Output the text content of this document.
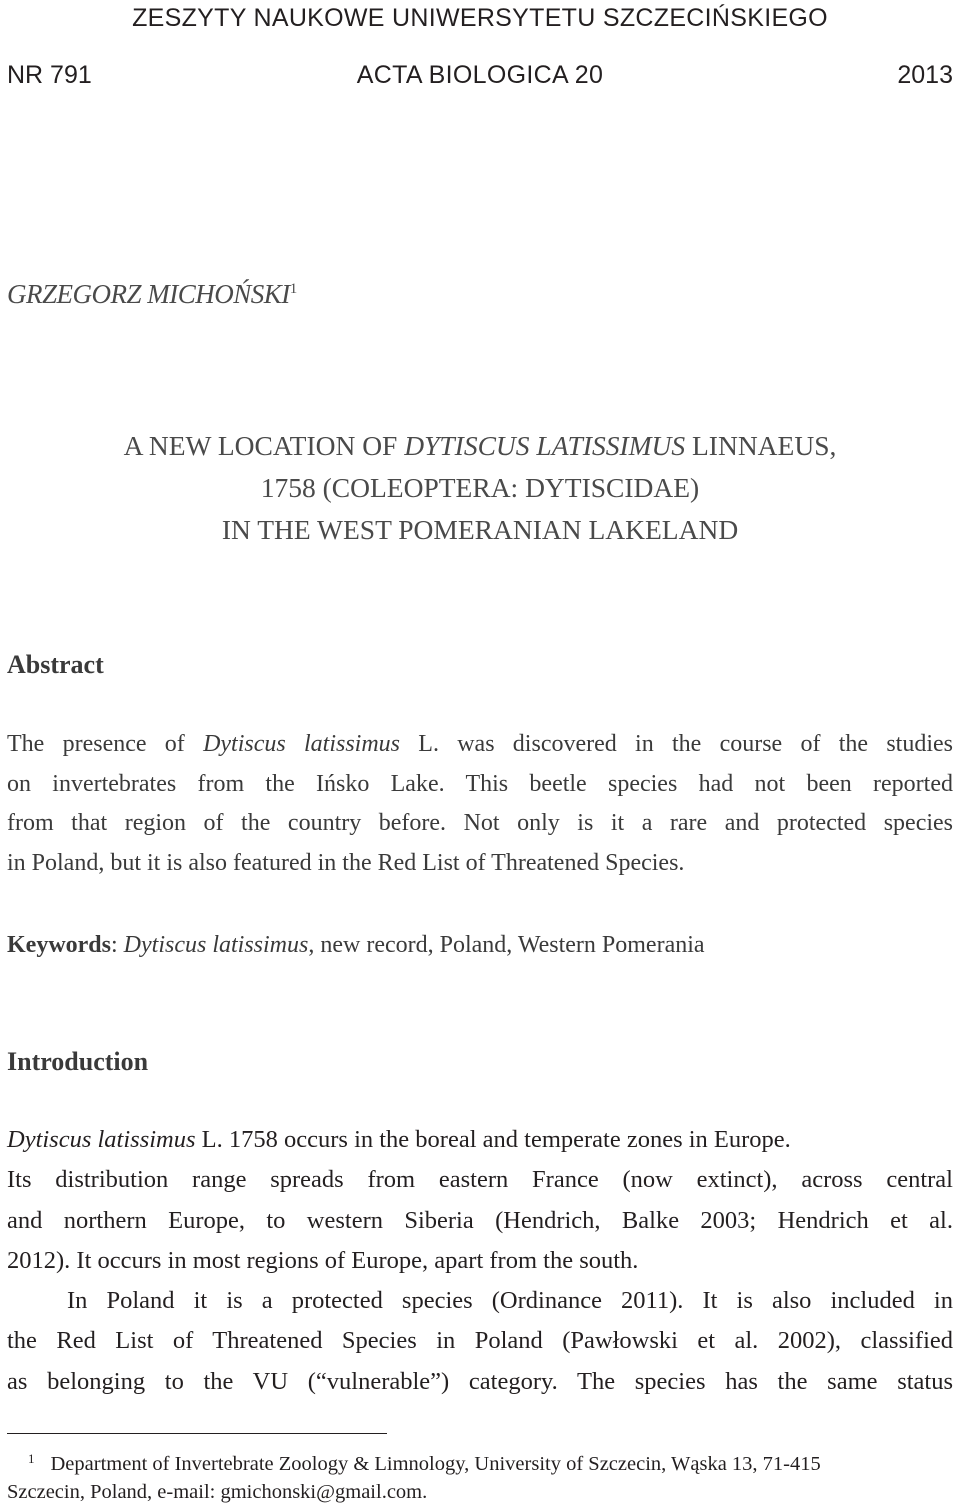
ZESZYTY NAUKOWE UNIWERSYTETU SZCZECIŃSKIEGO
NR 791	ACTA BIOLOGICA 20	2013
GRZEGORZ MICHOŃSKI$^1$
A NEW LOCATION OF DYTISCUS LATISSIMUS LINNAEUS,
1758 (COLEOPTERA: DYTISCIDAE)
IN THE WEST POMERANIAN LAKELAND
Abstract
The presence of Dytiscus latissimus L. was discovered in the course of the studies
on invertebrates from the Ińsko Lake. This beetle species had not been reported
from that region of the country before. Not only is it a rare and protected species
in Poland, but it is also featured in the Red List of Threatened Species.
Keywords: Dytiscus latissimus, new record, Poland, Western Pomerania
Introduction
Dytiscus latissimus L. 1758 occurs in the boreal and temperate zones in Europe.
Its distribution range spreads from eastern France (now extinct), across central
and northern Europe, to western Siberia (Hendrich, Balke 2003; Hendrich et al.
2012). It occurs in most regions of Europe, apart from the south.
In Poland it is a protected species (Ordinance 2011). It is also included in
the Red List of Threatened Species in Poland (Pawłowski et al. 2002), classified
as belonging to the VU (“vulnerable”) category. The species has the same status
$^1$ Department of Invertebrate Zoology & Limnology, University of Szczecin, Wąska 13, 71-415
Szczecin, Poland, e-mail: gmichonski@gmail.com.
